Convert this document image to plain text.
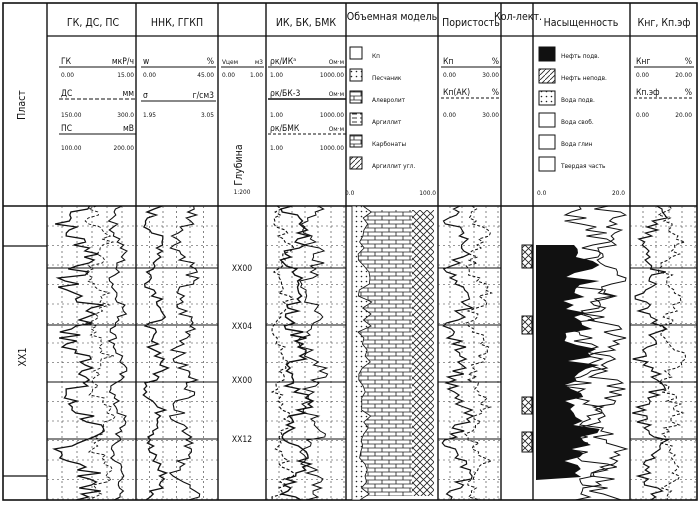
Пласт
ГК, ДС, ПС	ННК, ГГКП	ИК, БК, БМК Объемная модель Пористость
Кол-лект. Насыщенность Кнг, Кп.эф
ГК	мкР/ч
0.00	15.00
ДС	мм
150.00	300.0
ПС	мВ
100.00	200.00
w	%
0.00	45.00
σ	г/см3
1.95	3.05
Vцем	м3
0.00 1.00
Глубина
1:200
ρк/ИКᵃ	Ом·м
1.00	1000.00
ρк/БК-3	Ом·м
1.00	1000.00
ρк/БМК	Ом·м
1.00	1000.00
Кп
Песчаник
Алевролит
Аргиллит
Карбонаты
Аргиллит угл.
0.0	100.0
Кп	%
0.00	30.00
Кп(АК)	%
0.00	30.00
Нефть подв.
Нефть неподв.
Вода подв.
Вода своб.
Вода глин
Твердая часть
0.0	20.0
Кнг	%
0.00	20.00
Кп.эф	%
0.00	20.00
XX1
XX00
XX04
XX00
XX12
